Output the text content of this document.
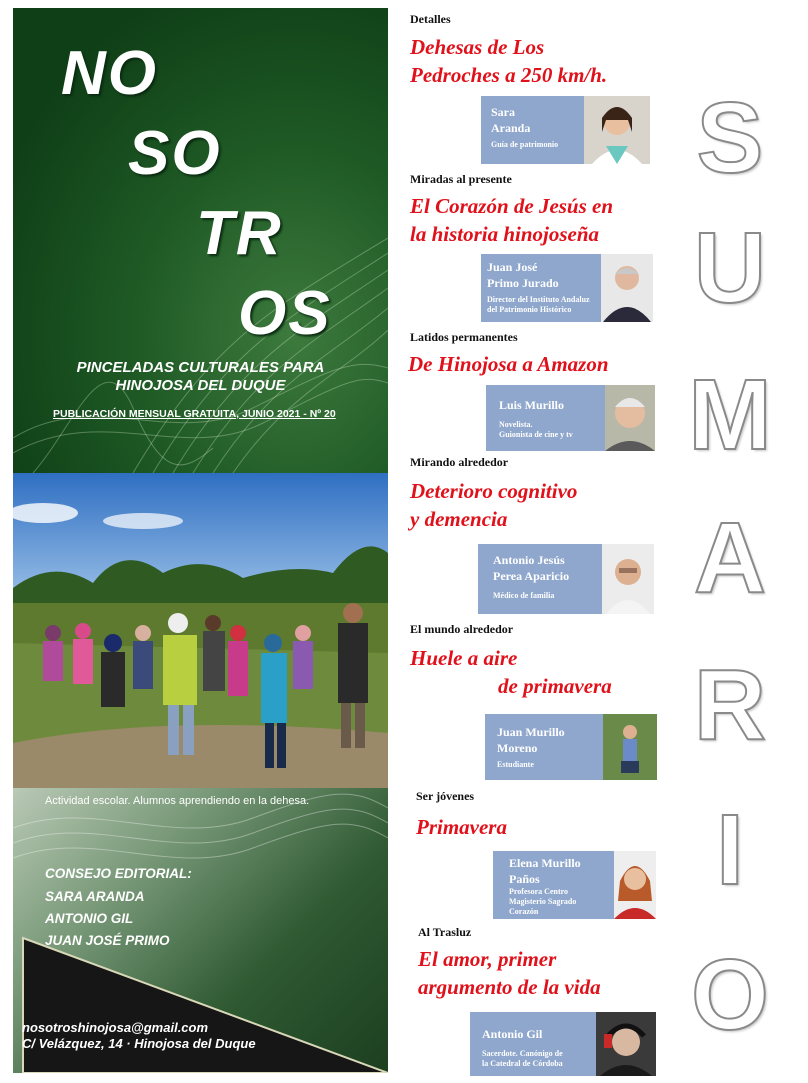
NO
SO
TR
OS
PINCELADAS CULTURALES PARA
HINOJOSA DEL DUQUE
PUBLICACIÓN MENSUAL GRATUITA, JUNIO 2021 - Nº 20
Actividad escolar. Alumnos aprendiendo en la dehesa.
CONSEJO EDITORIAL:
SARA ARANDA
ANTONIO GIL
JUAN JOSÉ PRIMO
nosotroshinojosa@gmail.com
C/ Velázquez, 14 · Hinojosa del Duque
Detalles
Dehesas de Los
Pedroches a 250 km/h.
Sara
Aranda
Guía de patrimonio
Miradas al presente
El Corazón de Jesús en
la historia hinojoseña
Juan José
Primo Jurado
Director del Instituto Andaluz
del Patrimonio Histórico
Latidos permanentes
De Hinojosa a Amazon
Luis Murillo
Novelista.
Guionista de cine y tv
Mirando alrededor
Deterioro cognitivo
y demencia
Antonio Jesús
Perea Aparicio
Médico de familia
El mundo alrededor
Huele a aire
de primavera
Juan Murillo
Moreno
Estudiante
Ser jóvenes
Primavera
Elena Murillo
Paños
Profesora Centro
Magisterio Sagrado
Corazón
Al Trasluz
El amor, primer
argumento de la vida
Antonio Gil
Sacerdote. Canónigo de
la Catedral de Córdoba
S
U
M
A
R
I
O
